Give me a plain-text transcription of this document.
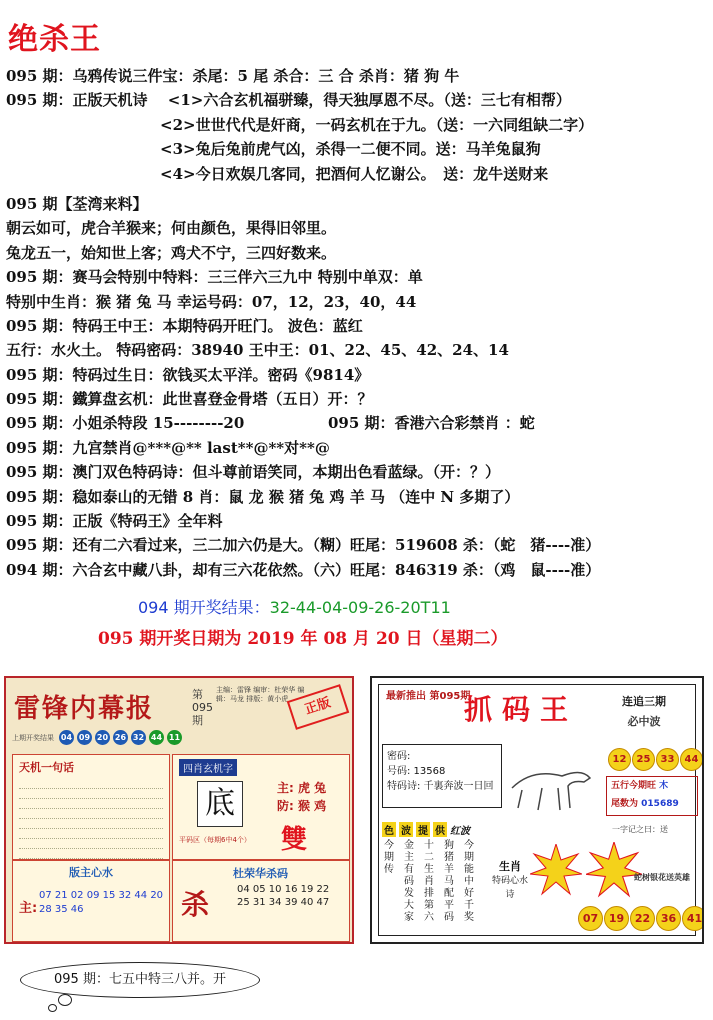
绝杀王
095 期：乌鸦传说三件宝：杀尾：5 尾 杀合：三 合 杀肖：猪 狗 牛
095 期：正版天机诗　 <1>六合玄机福骈臻，得天独厚恩不尽。（送：三七有相帮）
<2>世世代代是奸商，一码玄机在于九。（送：一六同组缺二字）
<3>兔后兔前虎气凶，杀得一二便不同。送：马羊兔鼠狗
<4>今日欢娱几客同，把酒何人忆谢公。　送：龙牛送财来
095 期【荃湾来料】
朝云如可，虎合羊猴来；何由颜色，果得旧邻里。
兔龙五一，始知世上客；鸡犬不宁，三四好数来。
095 期：赛马会特别中特料：三三伴六三九中 特别中单双：单
特别中生肖：猴 猪 兔 马 幸运号码：07，12，23，40，44
095 期：特码王中王：本期特码开旺门。 波色：蓝红
五行：水火土。 特码密码：38940 王中王：01、22、45、42、24、14
095 期：特码过生日：欲钱买太平洋。密码《9814》
095 期：鐵算盘玄机：此世喜登金骨塔（五日）开：？
095 期：小姐杀特段 15--------20	095 期：香港六合彩禁肖 ：蛇
095 期：九宫禁肖@***@** last**@**对**@
095 期：澳门双色特码诗：但斗尊前语笑同，本期出色看蓝绿。（开：？）
095 期：稳如泰山的无错 8 肖：鼠 龙 猴 猪 兔 鸡 羊 马 （连中 N 多期了）
095 期：正版《特码王》全年料
095 期：还有二六看过来，三二加六仍是大。（糊）旺尾：519608 杀：（蛇　猪----准）
094 期：六合玄中藏八卦，却有三六花依然。（六）旺尾：846319 杀：（鸡　鼠----准）
094 期开奖结果：32-44-04-09-26-20T11
095 期开奖日期为 2019 年 08 月 20 日（星期二）
雷锋内幕报	第095期
主编：雷锋 编审：杜荣华 编辑：马龙 排版：黄小虎	正版
上期开奖结果 04 09 20 26 32 44 11
天机一句话
版主心水
主:
07 21 02 09 15 32 44 20 28 35 46
四肖玄机字
底	主: 虎 兔
防: 猴 鸡
平码区（每期6中4个） 雙
杀
杜荣华杀码
04 05 10 16 19 22 25 31 34 39 40 47
最新推出 第095期
抓码王	连追三期
必中波
密码:
号码: 13568
特码诗: 千裏奔波一日回
12	25	33	44
五行今期旺 木
尾数为 015689
色 波 提 供 红波
今期传
金主有码发大家
十二生肖排第六
狗猪羊马配平码
今期能中好千奖
生肖
特码心水诗
一字记之曰：送
蛇树银花送英雄
07 19 22 36 41
095 期：七五中特三八并。开
